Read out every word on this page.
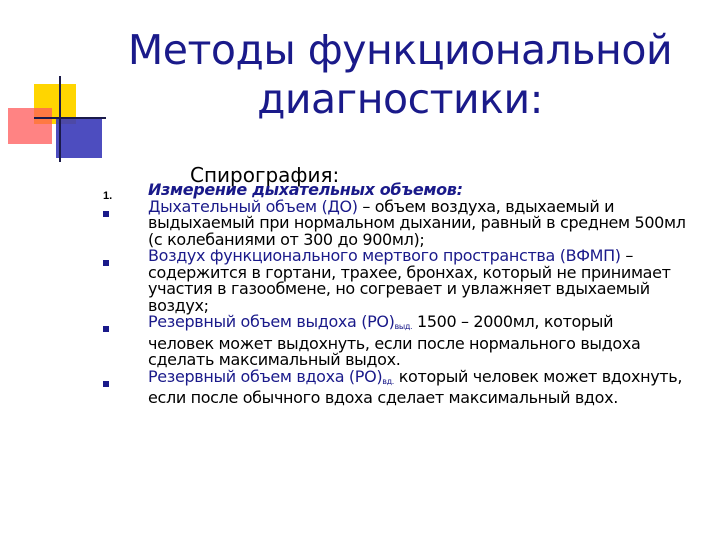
Методы функциональной
диагностики:
Спирография:
1. Измерение дыхательных объемов:
Дыхательный объем (ДО) – объем воздуха, вдыхаемый и
выдыхаемый при нормальном дыхании, равный в среднем 500мл
(с колебаниями от 300 до 900мл);
Воздух функционального мертвого пространства (ВФМП) –
содержится в гортани, трахее, бронхах, который не принимает
участия в газообмене, но согревает и увлажняет вдыхаемый
воздух;
Резервный объем выдоха $(РО)_{выд.}$ 1500 – 2000мл, который
человек может выдохнуть, если после нормального выдоха
сделать максимальный выдох.
Резервный объем вдоха $(РО)_{вд.}$ который человек может вдохнуть,
если после обычного вдоха сделает максимальный вдох.
